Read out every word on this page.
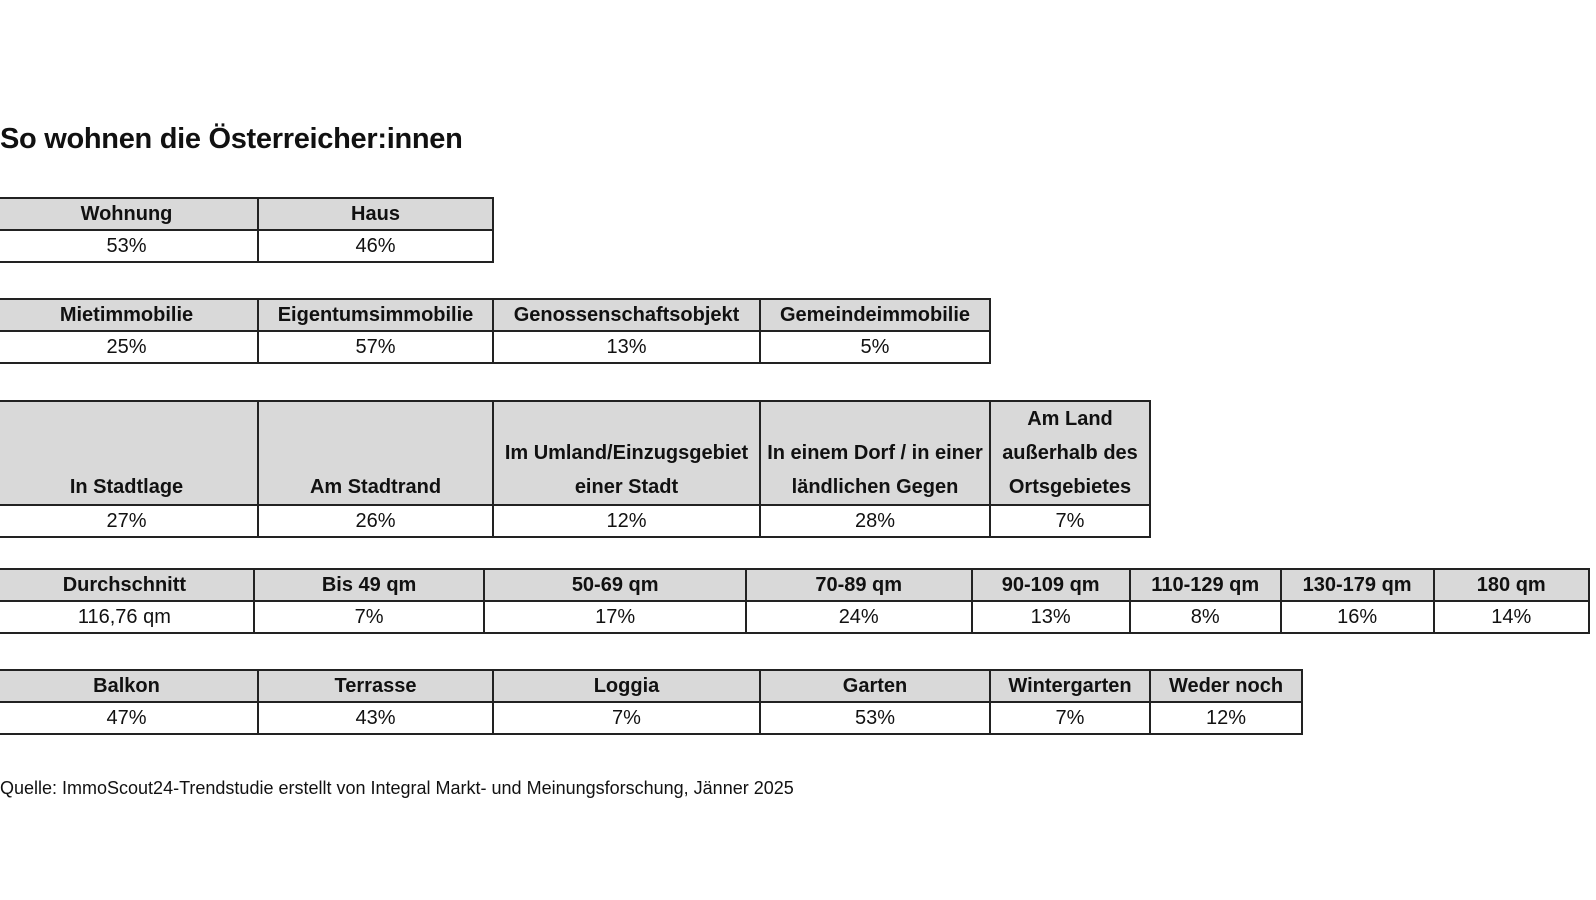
So wohnen die Österreicher:innen
Wohnung	Haus
53%	46%
Mietimmobilie	Eigentumsimmobilie	Genossenschaftsobjekt	Gemeindeimmobilie
25%	57%	13%	5%
In Stadtlage	Am Stadtrand	Im Umland/Einzugsgebiet einer Stadt	In einem Dorf / in einer ländlichen Gegen	Am Land außerhalb des Ortsgebietes
27%	26%	12%	28%	7%
Durchschnitt	Bis 49 qm	50-69 qm	70-89 qm	90-109 qm	110-129 qm	130-179 qm	180 qm
116,76 qm	7%	17%	24%	13%	8%	16%	14%
Balkon	Terrasse	Loggia	Garten	Wintergarten	Weder noch
47%	43%	7%	53%	7%	12%
Quelle: ImmoScout24-Trendstudie erstellt von Integral Markt- und Meinungsforschung, Jänner 2025
